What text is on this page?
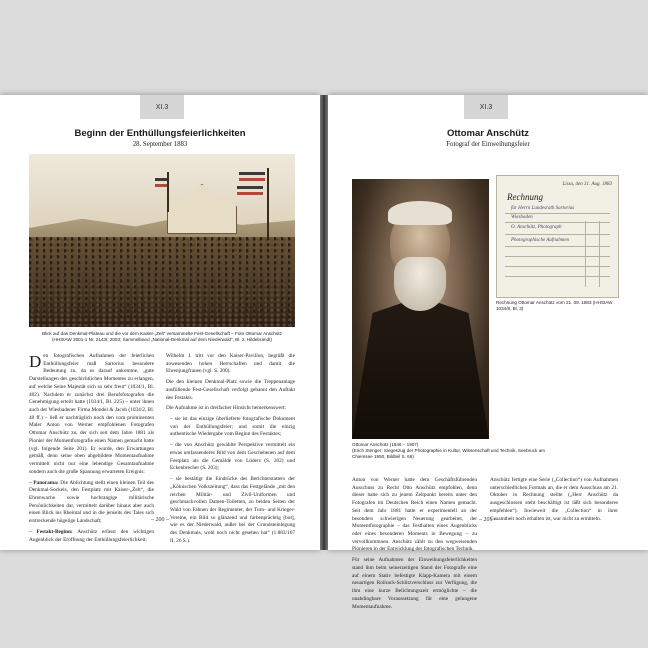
XI.3
Beginn der Enthüllungsfeierlichkeiten
28. September 1883
Blick auf das Denkmal-Plateau und die vor dem Kaiser-„Zelt“ versammelte Fest-Gesellschaft – Foto Ottomar Anschütz
(HHStAW 3001-1 Nr. 2143I; 2003; Sammelband „National-Denkmal auf dem Niederwald“, Bl. 2, Hildebrandt)

Den fotografischen Aufnahmen der feierlichen Enthüllungsfeier maß Sartorius besondere Bedeutung zu, da es darauf ankomme, „gute Darstellungen des geschichtlichen Momentes zu erlangen, auf welche Seine Majestät sich so sehr freut“ (1034/1, Bl. 402). Nachdem er zunächst drei Berufsfotografen die Genehmigung erteilt hatte (1034/1, Bl. 225) – unter ihnen auch der Wiesbadener Firma Mondel & Jacob (1034/2, Bl. 40 ff.) – ließ er nachträglich noch den vom prominenten Maler Anton von Werner empfohlenen Fotografen Ottomar Anschütz zu, der sich seit dem Jahre 1881 als Pionier der Momentfotografie einen Namen gemacht hatte (vgl. folgende Seite 201). Er wurde, den Erwartungen gemäß, denn seine oben abgebildete Momentaufnahme vermittelt nicht nur eine lebendige Gesamtaufnahme sondern auch die große Spannung erwarteten Ereignis:

– Panorama: Die Ablichtung stellt einen kleinen Teil des Denkmal-Sockels, den Festplatz mit Kaiser-„Zelt“, die Ehrenwache sowie hochrangige militärische Persönlichkeiten dar, vermittelt darüber hinaus aber auch einen Blick ins Rheintal und in die jenseits des Tales sich erstreckende hügelige Landschaft;

– Festakt-Beginn: Anschütz erfasst den wichtigen Augenblick der Eröffnung der Enthüllungsfeierlichkeit:

Wilhelm I. tritt vor den Kaiser-Pavillon, begrüßt die anwesenden hohen Herrschaften und damit die Ehrenjungfrauen (vgl. S. 200).

Die den kleinen Denkmal-Platz sowie die Treppenanlage ausfüllende Fest-Gesellschaft verfolgt gebannt den Auftakt des Festakts.

Die Aufnahme ist in dreifacher Hinsicht bemerkenswert:

– sie ist das einzige überlieferte fotografische Dokument von der Enthüllungsfeier; und somit die einzig authentische Wiedergabe vom Beginn des Festaktes;

– die von Anschütz gewählte Perspektive vermittelt ein etwas umfassenderes Bild von dem Geschehenen auf dem Festplatz als die Gemälde von Lüders (S. 202) und Eckenbrecher (S. 203);

– sie bestätigt die Eindrücke des Berichterstatters der „Kölnischen Volkszeitung“, dass das Festgelände „mit den reichen Militär- und Zivil-Uniformen und geschmackvollen Damen-Toiletten, zu beiden Seiten der Wald von Fahnen der Regimenter, der Turn- und Krieger-Vereine, ein Bild so glänzend und farbenprächtig [bot], wie es der Niederwald, außer bei der Grundsteinlegung des Denkmals, wohl noch nicht gesehen hat“ (1.883/167 II, 26 S.).

– 200 –
XI.3
Ottomar Anschütz
Fotograf der Einweihungsfeier
Lissa, den 31. Aug. 1883
Rechnung
für Herrn Landesrath Sartorius
Wiesbaden
O. Anschütz, Photograph
Photographische Aufnahmen
Rechnung Ottomar Anschütz vom 21. 09. 1883 (HHStAW 1034/8, Bl. 3)
Ottomar Anschütz (1846 – 1907)
(Erich Stenger: Siegeszug der Photographie in Kultur, Wissenschaft und Technik, Seebruck am Chiemsee 1950, Bildteil S. 66)

Anton von Werner hatte dem Geschäftsführenden Ausschuss zu Recht Otto Anschütz empfohlen, denn dieser hatte sich zu jenem Zeitpunkt bereits unter den Fotografen im Deutschen Reich einen Namen gemacht. Seit dem Jahr 1881 hatte er experimentell an der besonders schwierigen Neuerung gearbeitet, der Momentfotographie – das Festhalten eines Augenblicks oder eines besonderen Moments in Bewegung – zu vervollkommnen. Anschütz zählt zu den wegweisenden Pionieren in der Entwicklung der fotografischen Technik.

Für seine Aufnahmen der Einweihungsfeierlichkeiten stand ihm beim seinerzeitigen Stand der Fotografie eine auf einem Stativ befestigte Klapp-Kamera mit einem neuartigen Rollrack-Schlitzverschluss zur Verfügung, die ihm eine kurze Belichtungszeit ermöglichte – die unabdingbare Voraussetzung für eine gelungene Momentaufnahme.

Anschütz fertigte eine Serie („Collection“) von Aufnahmen unterschiedlichen Formats an, die er dem Ausschuss am 21. Oktober in Rechnung stellte („Herr Anschütz da ausgeschlossen steht beschäftigt ist läßt sich besonderes empfehlen“). Inwieweit die „Collection“ in ihrer Gesamtheit noch erhalten ist, war nicht zu ermitteln.

– 201 –
